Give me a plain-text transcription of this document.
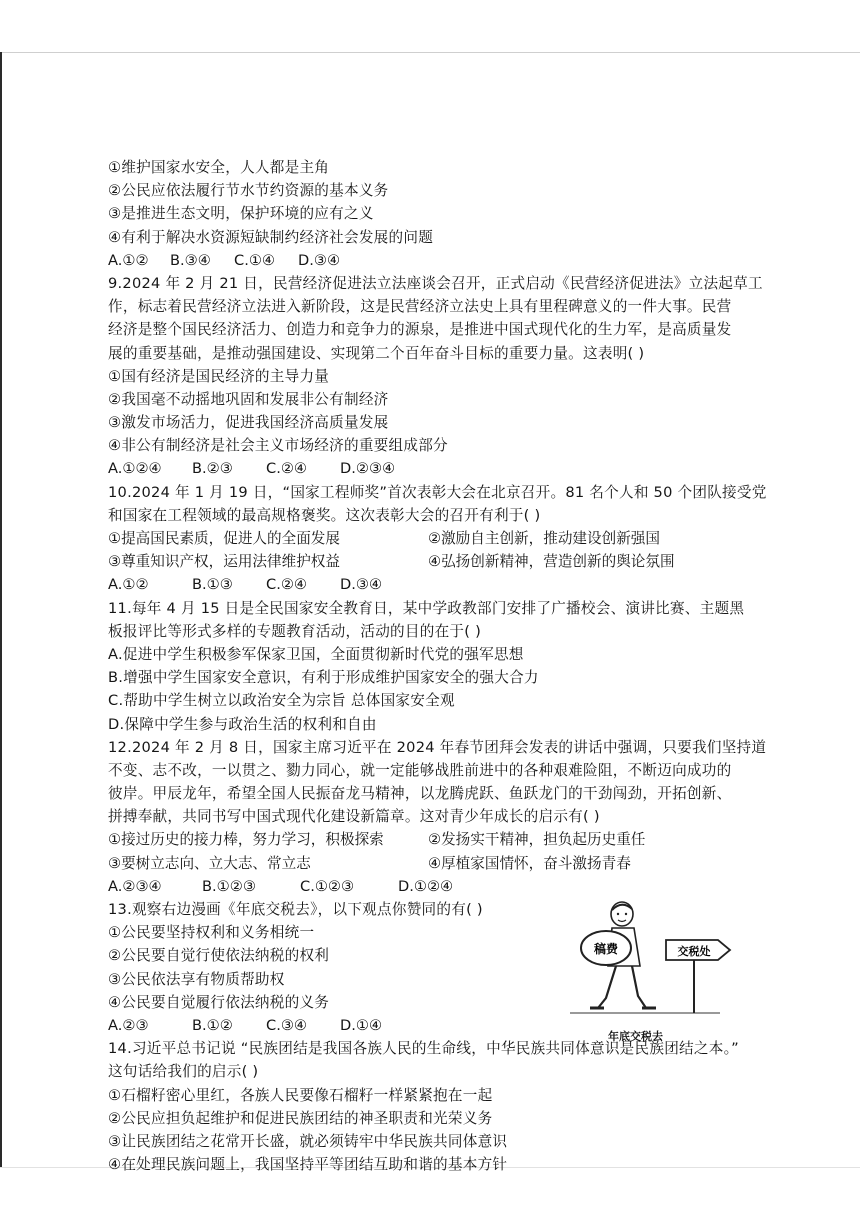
①维护国家水安全，人人都是主角
②公民应依法履行节水节约资源的基本义务
③是推进生态文明，保护环境的应有之义
④有利于解决水资源短缺制约经济社会发展的问题
A.①②	B.③④	C.①④	D.③④
9.2024 年 2 月 21 日，民营经济促进法立法座谈会召开，正式启动《民营经济促进法》立法起草工
作，标志着民营经济立法进入新阶段，这是民营经济立法史上具有里程碑意义的一件大事。民营
经济是整个国民经济活力、创造力和竞争力的源泉，是推进中国式现代化的生力军，是高质量发
展的重要基础，是推动强国建设、实现第二个百年奋斗目标的重要力量。这表明( )
①国有经济是国民经济的主导力量
②我国毫不动摇地巩固和发展非公有制经济
③激发市场活力，促进我国经济高质量发展
④非公有制经济是社会主义市场经济的重要组成部分
A.①②④	B.②③	C.②④	D.②③④
10.2024 年 1 月 19 日，“国家工程师奖”首次表彰大会在北京召开。81 名个人和 50 个团队接受党
和国家在工程领域的最高规格褒奖。这次表彰大会的召开有利于( )
①提高国民素质，促进人的全面发展	②激励自主创新，推动建设创新强国
③尊重知识产权，运用法律维护权益	④弘扬创新精神，营造创新的舆论氛围
A.①②	B.①③	C.②④	D.③④
11.每年 4 月 15 日是全民国家安全教育日，某中学政教部门安排了广播校会、演讲比赛、主题黑
板报评比等形式多样的专题教育活动，活动的目的在于( )
A.促进中学生积极参军保家卫国，全面贯彻新时代党的强军思想
B.增强中学生国家安全意识，有利于形成维护国家安全的强大合力
C.帮助中学生树立以政治安全为宗旨 总体国家安全观
D.保障中学生参与政治生活的权利和自由
12.2024 年 2 月 8 日，国家主席习近平在 2024 年春节团拜会发表的讲话中强调，只要我们坚持道
不变、志不改，一以贯之、勠力同心，就一定能够战胜前进中的各种艰难险阻，不断迈向成功的
彼岸。甲辰龙年，希望全国人民振奋龙马精神，以龙腾虎跃、鱼跃龙门的干劲闯劲，开拓创新、
拼搏奉献，共同书写中国式现代化建设新篇章。这对青少年成长的启示有( )
①接过历史的接力棒，努力学习，积极探索	②发扬实干精神，担负起历史重任
③要树立志向、立大志、常立志	④厚植家国情怀，奋斗激扬青春
A.②③④	B.①②③	C.①②③	D.①②④
13.观察右边漫画《年底交税去》，以下观点你赞同的有( )
①公民要坚持权利和义务相统一
②公民要自觉行使依法纳税的权利
③公民依法享有物质帮助权
④公民要自觉履行依法纳税的义务
A.②③	B.①②	C.③④	D.①④
稿费	交税处
年底交税去
14.习近平总书记说 “民族团结是我国各族人民的生命线，中华民族共同体意识是民族团结之本。”
这句话给我们的启示( )
①石榴籽密心里红，各族人民要像石榴籽一样紧紧抱在一起
②公民应担负起维护和促进民族团结的神圣职责和光荣义务
③让民族团结之花常开长盛，就必须铸牢中华民族共同体意识
④在处理民族问题上，我国坚持平等团结互助和谐的基本方针
